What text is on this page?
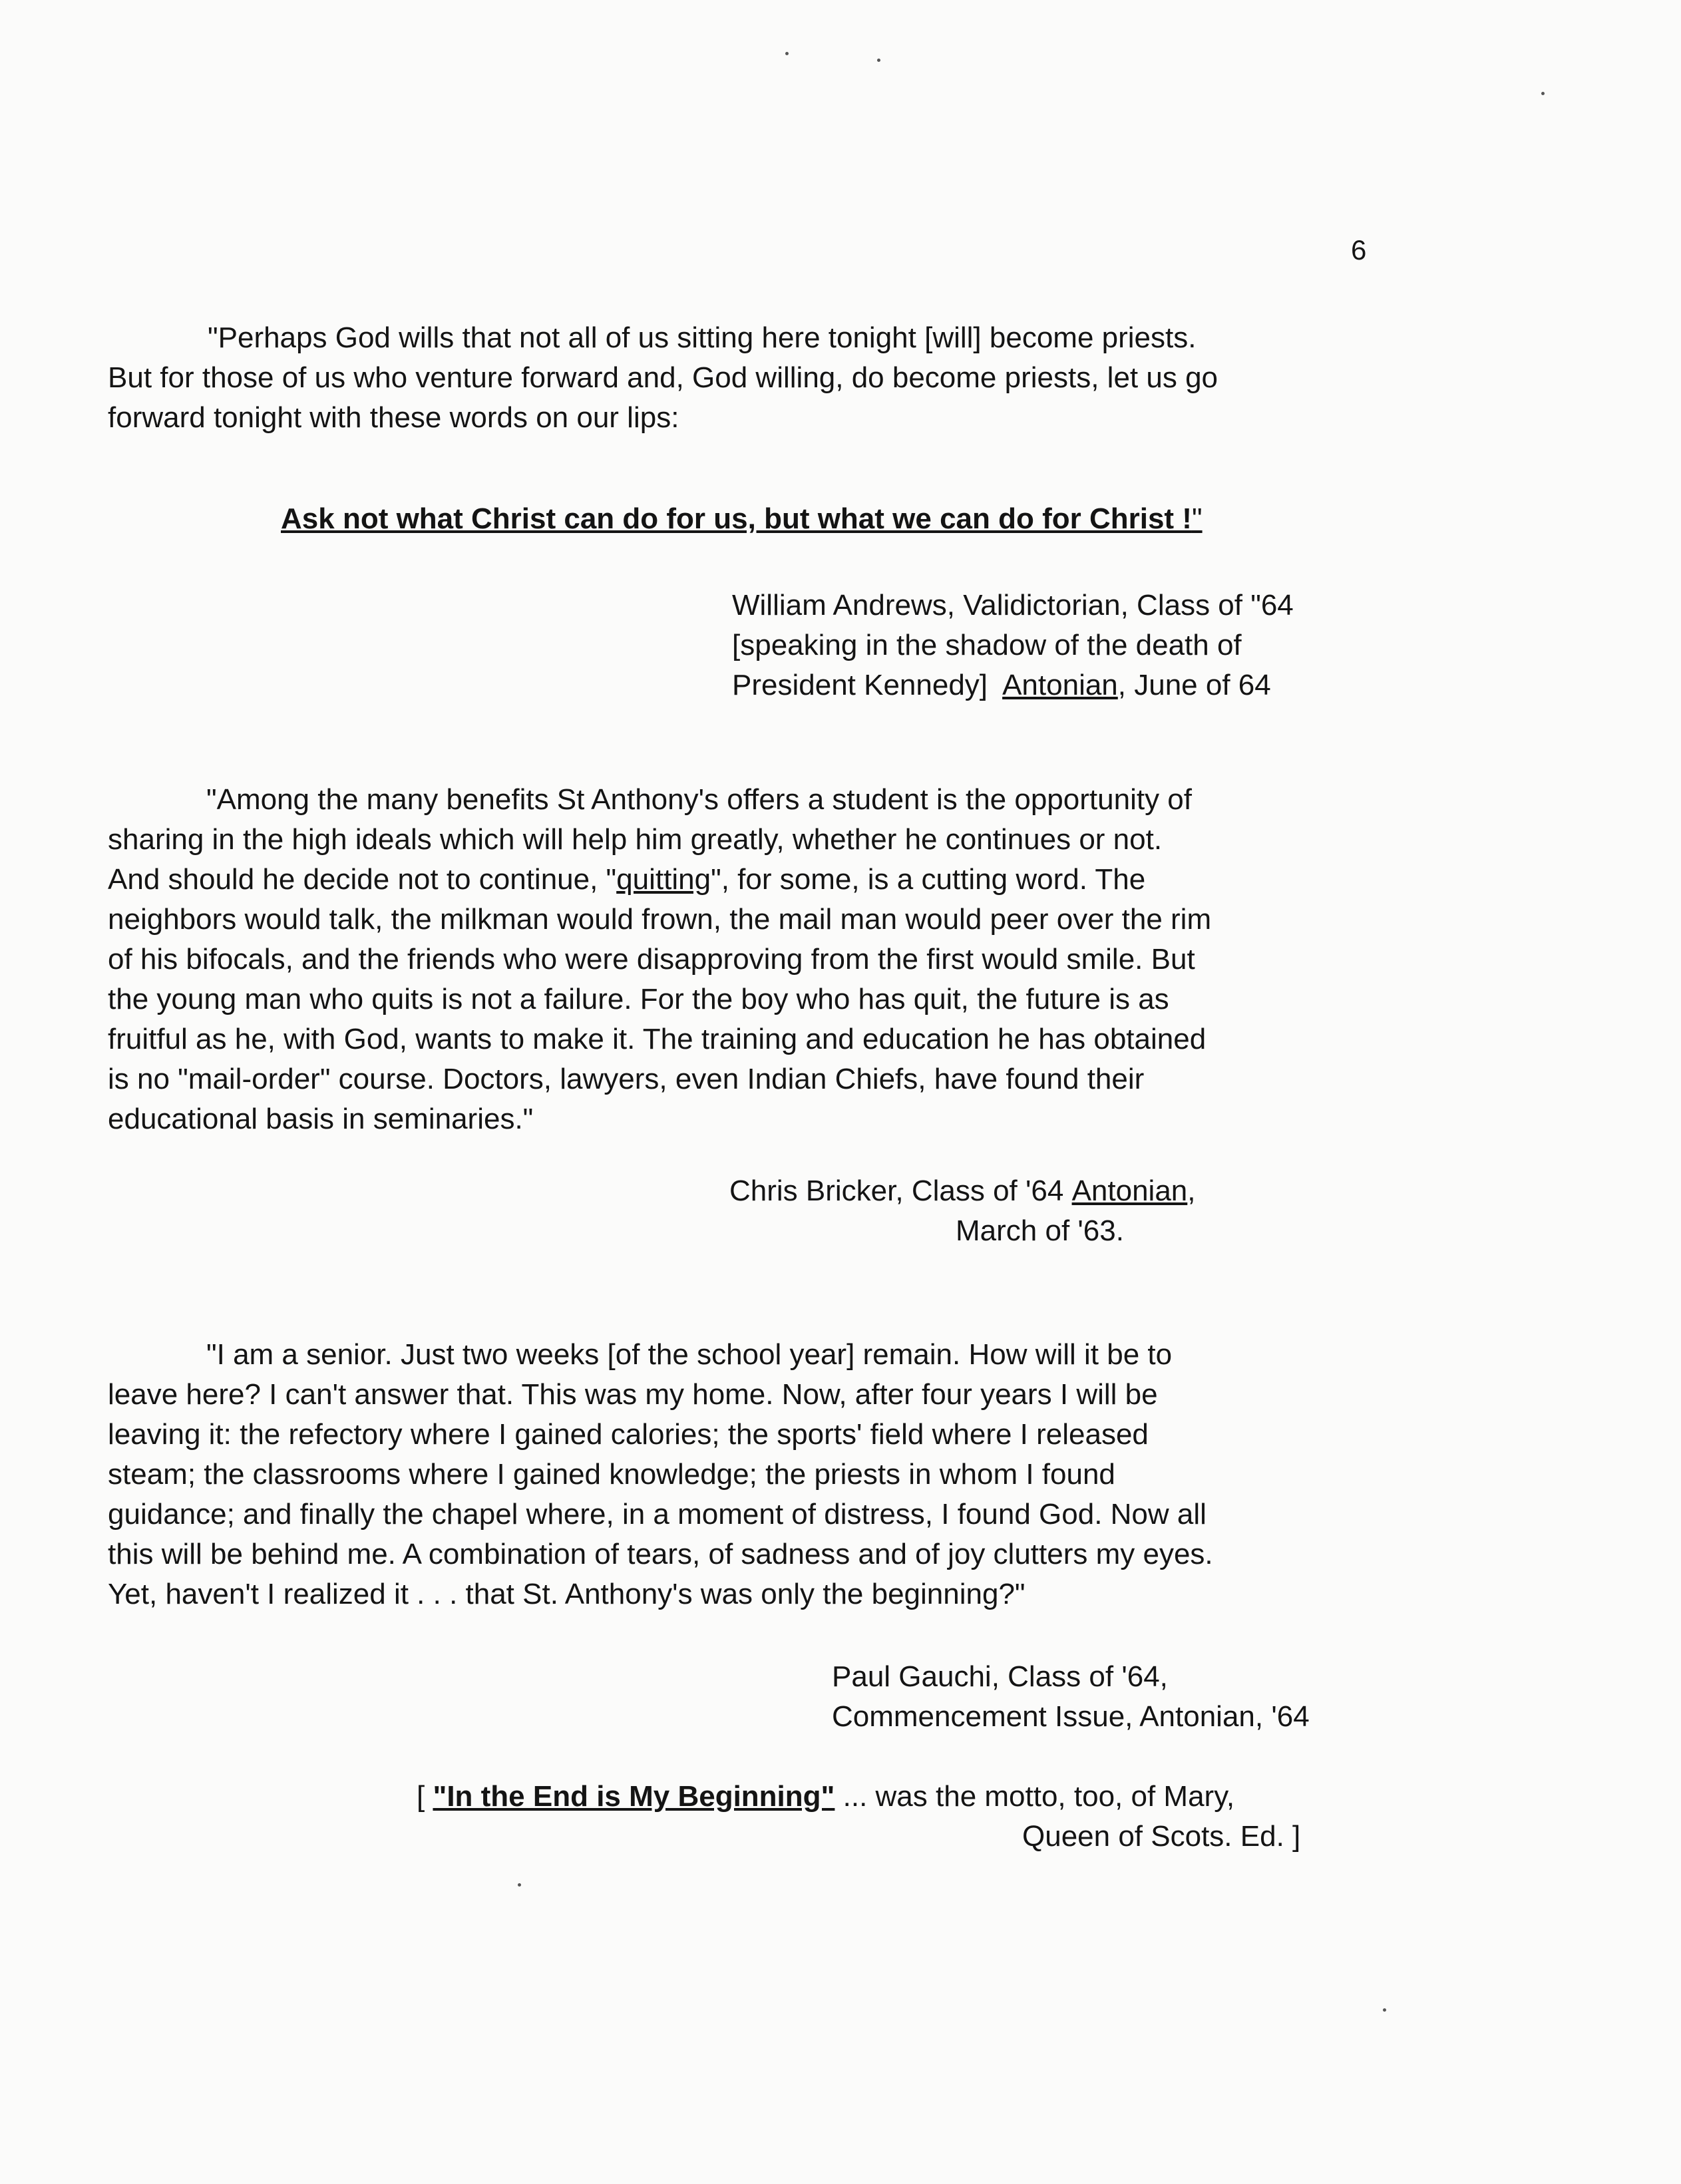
6

"Perhaps God wills that not all of us sitting here tonight [will] become priests.
But for those of us who venture forward and, God willing, do become priests, let us go
forward tonight with these words on our lips:

Ask not what Christ can do for us, but what we can do for Christ !"
William Andrews, Validictorian, Class of "64
[speaking in the shadow of the death of
President Kennedy] Antonian, June of 64

"Among the many benefits St Anthony's offers a student is the opportunity of
sharing in the high ideals which will help him greatly, whether he continues or not.
And should he decide not to continue, "quitting", for some, is a cutting word. The
neighbors would talk, the milkman would frown, the mail man would peer over the rim
of his bifocals, and the friends who were disapproving from the first would smile. But
the young man who quits is not a failure. For the boy who has quit, the future is as
fruitful as he, with God, wants to make it. The training and education he has obtained
is no "mail-order" course. Doctors, lawyers, even Indian Chiefs, have found their
educational basis in seminaries."

Chris Bricker, Class of '64 Antonian,
March of '63.

"I am a senior. Just two weeks [of the school year] remain. How will it be to
leave here? I can't answer that. This was my home. Now, after four years I will be
leaving it: the refectory where I gained calories; the sports' field where I released
steam; the classrooms where I gained knowledge; the priests in whom I found
guidance; and finally the chapel where, in a moment of distress, I found God. Now all
this will be behind me. A combination of tears, of sadness and of joy clutters my eyes.
Yet, haven't I realized it . . . that St. Anthony's was only the beginning?"

Paul Gauchi, Class of '64,
Commencement Issue, Antonian, '64
[ "In the End is My Beginning" ... was the motto, too, of Mary,
Queen of Scots. Ed. ]
